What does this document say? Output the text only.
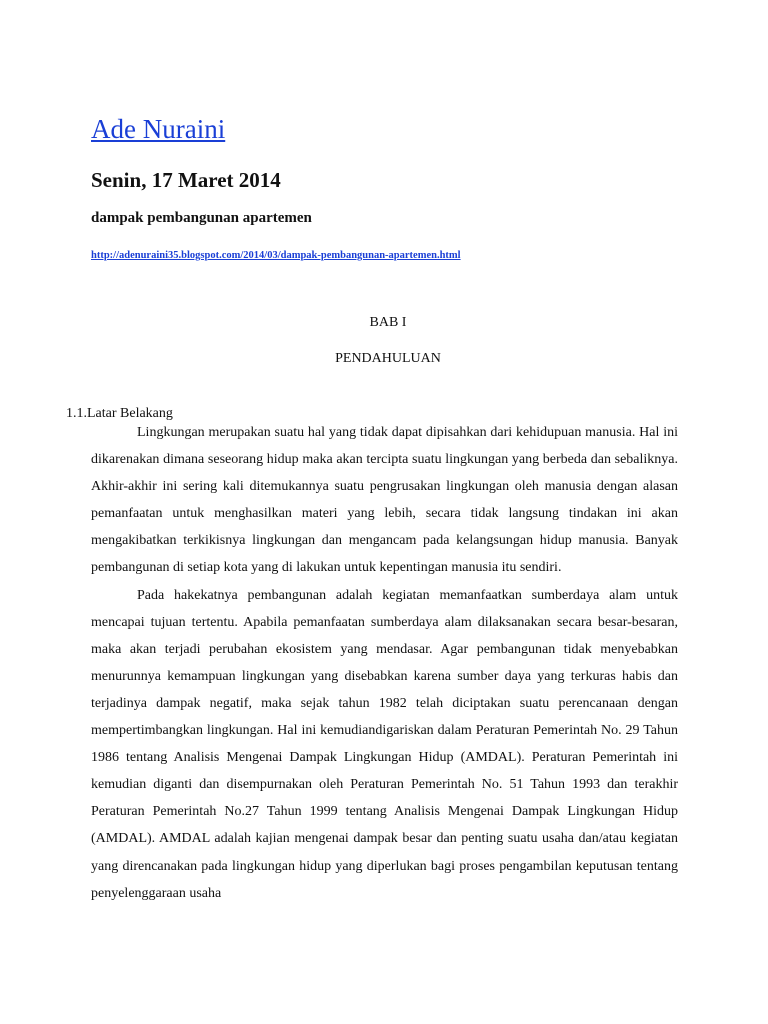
Ade Nuraini
Senin, 17 Maret 2014
dampak pembangunan apartemen
http://adenuraini35.blogspot.com/2014/03/dampak-pembangunan-apartemen.html
BAB I
PENDAHULUAN
1.1.Latar Belakang

Lingkungan merupakan suatu hal yang tidak dapat dipisahkan dari kehidupuan manusia. Hal ini dikarenakan dimana seseorang hidup maka akan tercipta suatu lingkungan yang berbeda dan sebaliknya. Akhir-akhir ini sering kali ditemukannya suatu pengrusakan lingkungan oleh manusia dengan alasan pemanfaatan untuk menghasilkan materi yang lebih, secara tidak langsung tindakan ini akan mengakibatkan terkikisnya lingkungan dan mengancam pada kelangsungan hidup manusia. Banyak pembangunan di setiap kota yang di lakukan untuk kepentingan manusia itu sendiri.

Pada hakekatnya pembangunan adalah kegiatan memanfaatkan sumberdaya alam untuk mencapai tujuan tertentu. Apabila pemanfaatan sumberdaya alam dilaksanakan secara besar-besaran, maka akan terjadi perubahan ekosistem yang mendasar. Agar pembangunan tidak menyebabkan menurunnya kemampuan lingkungan yang disebabkan karena sumber daya yang terkuras habis dan terjadinya dampak negatif, maka sejak tahun 1982 telah diciptakan suatu perencanaan dengan mempertimbangkan lingkungan. Hal ini kemudiandigariskan dalam Peraturan Pemerintah No. 29 Tahun 1986 tentang Analisis Mengenai Dampak Lingkungan Hidup (AMDAL). Peraturan Pemerintah ini kemudian diganti dan disempurnakan oleh Peraturan Pemerintah No. 51 Tahun 1993 dan terakhir Peraturan Pemerintah No.27 Tahun 1999 tentang Analisis Mengenai Dampak Lingkungan Hidup (AMDAL). AMDAL adalah kajian mengenai dampak besar dan penting suatu usaha dan/atau kegiatan yang direncanakan pada lingkungan hidup yang diperlukan bagi proses pengambilan keputusan tentang penyelenggaraan usaha
